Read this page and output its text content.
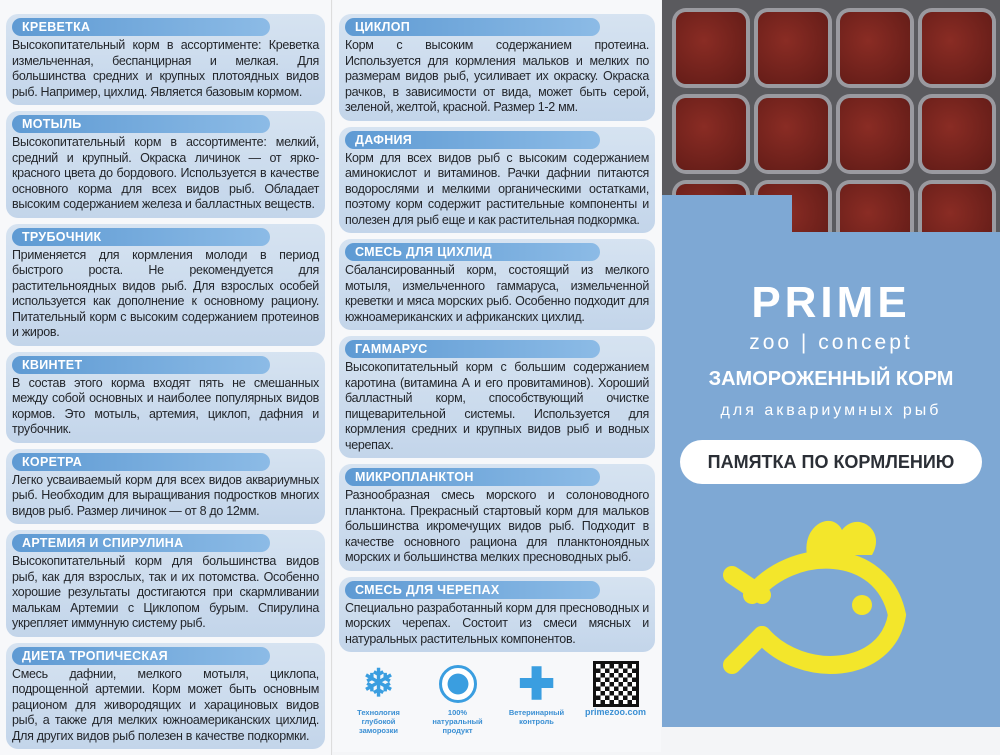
КРЕВЕТКА
Высокопитательный корм в ассортименте: Креветка измельченная, беспанцирная и мелкая. Для большинства средних и крупных плотоядных видов рыб. Например, цихлид. Является базовым кормом.
МОТЫЛЬ
Высокопитательный корм в ассортименте: мелкий, средний и крупный. Окраска личинок — от ярко-красного цвета до бордового. Используется в качестве основного корма для всех видов рыб. Обладает высоким содержанием железа и балластных веществ.
ТРУБОЧНИК
Применяется для кормления молоди в период быстрого роста. Не рекомендуется для растительноядных видов рыб. Для взрослых особей используется как дополнение к основному рациону. Питательный корм с высоким содержанием протеинов и жиров.
КВИНТЕТ
В состав этого корма входят пять не смешанных между собой основных и наиболее популярных видов кормов. Это мотыль, артемия, циклоп, дафния и трубочник.
КОРЕТРА
Легко усваиваемый корм для всех видов аквариумных рыб. Необходим для выращивания подростков многих видов рыб. Размер личинок — от 8 до 12мм.
АРТЕМИЯ И СПИРУЛИНА
Высокопитательный корм для большинства видов рыб, как для взрослых, так и их потомства. Особенно хорошие результаты достигаются при скармливании малькам Артемии с Циклопом бурым. Спирулина укрепляет иммунную систему рыб.
ДИЕТА ТРОПИЧЕСКАЯ
Смесь дафнии, мелкого мотыля, циклопа, подрощенной артемии. Корм может быть основным рационом для живородящих и харациновых видов рыб, а также для мелких южноамериканских цихлид. Для других видов рыб полезен в качестве подкормки.
ЦИКЛОП
Корм с высоким содержанием протеина. Используется для кормления мальков и мелких по размерам видов рыб, усиливает их окраску. Окраска рачков, в зависимости от вида, может быть серой, зеленой, желтой, красной. Размер 1-2 мм.
ДАФНИЯ
Корм для всех видов рыб с высоким содержанием аминокислот и витаминов. Рачки дафнии питаются водорослями и мелкими органическими остатками, поэтому корм содержит растительные компоненты и полезен для рыб еще и как растительная подкормка.
СМЕСЬ ДЛЯ ЦИХЛИД
Сбалансированный корм, состоящий из мелкого мотыля, измельченного гаммаруса, измельченной креветки и мяса морских рыб. Особенно подходит для южноамериканских и африканских цихлид.
ГАММАРУС
Высокопитательный корм с большим содержанием каротина (витамина А и его провитаминов). Хороший балластный корм, способствующий очистке пищеварительной системы. Используется для кормления средних и крупных видов рыб и водных черепах.
МИКРОПЛАНКТОН
Разнообразная смесь морского и солоноводного планктона. Прекрасный стартовый корм для мальков большинства икромечущих видов рыб. Подходит в качестве основного рациона для планктоноядных морских и большинства мелких пресноводных рыб.
СМЕСЬ ДЛЯ ЧЕРЕПАХ
Специально разработанный корм для пресноводных и морских черепах. Состоит из смеси мясных и натуральных растительных компонентов.
❄
Технология глубокой заморозки
100% натуральный продукт
✚
Ветеринарный контроль
primezoo.com
PRIME
zoo | concept
ЗАМОРОЖЕННЫЙ КОРМ
для аквариумных рыб
ПАМЯТКА ПО КОРМЛЕНИЮ
